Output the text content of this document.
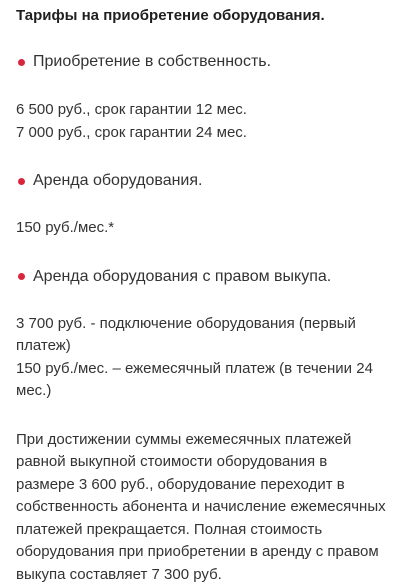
Тарифы на приобретение оборудования.
Приобретение в собственность.

6 500 руб., срок гарантии 12 мес.

7 000 руб., срок гарантии 24 мес.

Аренда оборудования.

150 руб./мес.*

Аренда оборудования с правом выкупа.

3 700 руб. - подключение оборудования (первый платеж)

150 руб./мес. – ежемесячный платеж (в течении 24 мес.)

При достижении суммы ежемесячных платежей равной выкупной стоимости оборудования в размере 3 600 руб., оборудование переходит в собственность абонента и начисление ежемесячных платежей прекращается. Полная стоимость оборудования при приобретении в аренду с правом выкупа составляет 7 300 руб.
